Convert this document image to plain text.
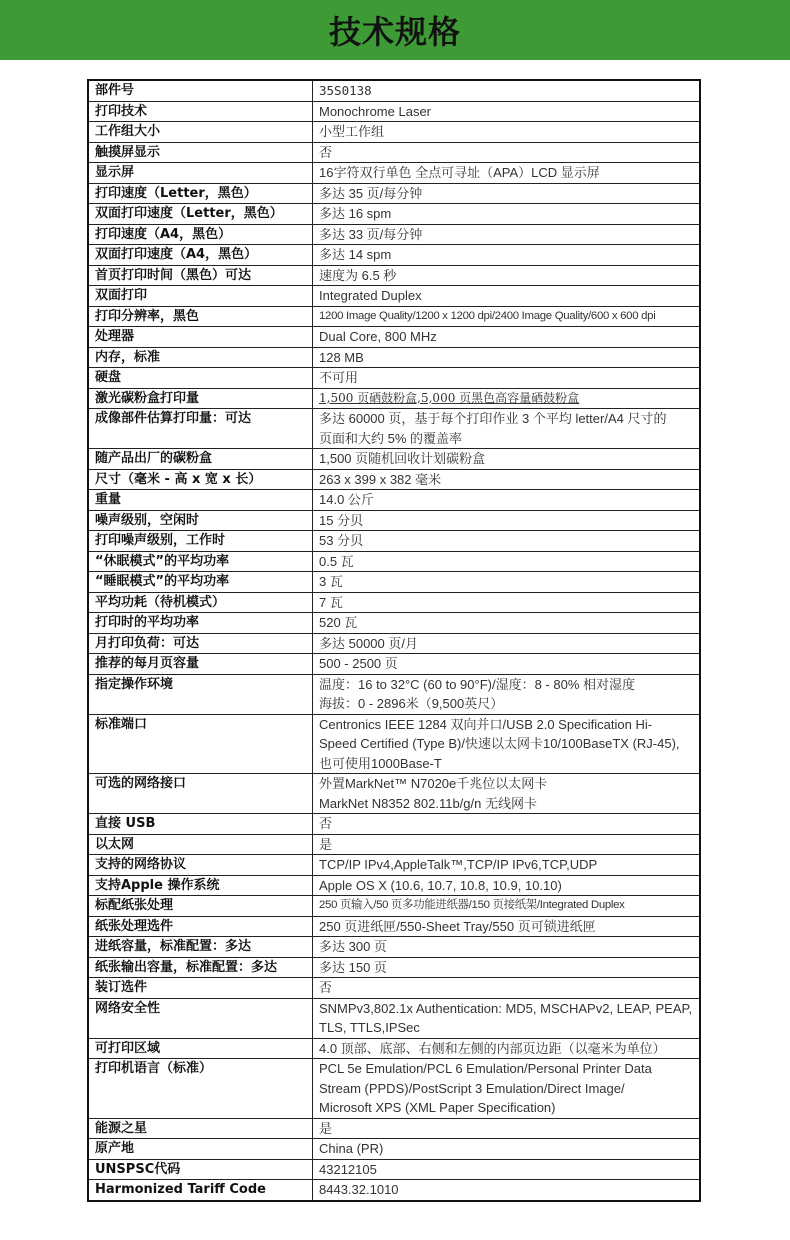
技术规格
部件号	35S0138

打印技术	Monochrome Laser

工作组大小	小型工作组

触摸屏显示	否

显示屏	16字符双行单色 全点可寻址（APA）LCD 显示屏

打印速度（Letter，黑色）	多达 35 页/每分钟

双面打印速度（Letter，黑色）	多达 16 spm

打印速度（A4，黑色）	多达 33 页/每分钟

双面打印速度（A4，黑色）	多达 14 spm

首页打印时间（黑色）可达	速度为 6.5 秒

双面打印	Integrated Duplex

打印分辨率，黑色	1200 Image Quality/1200 x 1200 dpi/2400 Image Quality/600 x 600 dpi

处理器	Dual Core, 800 MHz

内存，标准	128 MB

硬盘	不可用

激光碳粉盒打印量	1,500 页硒鼓粉盒,5,000 页黑色高容量硒鼓粉盒

成像部件估算打印量：可达	多达 60000 页，基于每个打印作业 3 个平均 letter/A4 尺寸的
页面和大约 5% 的覆盖率

随产品出厂的碳粉盒	1,500 页随机回收计划碳粉盒

尺寸（毫米 - 高 x 宽 x 长）	263 x 399 x 382 毫米

重量	14.0 公斤

噪声级别，空闲时	15 分贝

打印噪声级别，工作时	53 分贝

“休眠模式”的平均功率	0.5 瓦

“睡眠模式”的平均功率	3 瓦

平均功耗（待机模式）	7 瓦

打印时的平均功率	520 瓦

月打印负荷：可达	多达 50000 页/月

推荐的每月页容量	500 - 2500 页

指定操作环境	温度：16 to 32°C (60 to 90°F)/湿度：8 - 80% 相对湿度
海拔：0 - 2896米（9,500英尺）

标准端口	Centronics IEEE 1284 双向并口/USB 2.0 Specification Hi-
Speed Certified (Type B)/快速以太网卡10/100BaseTX (RJ-45),
也可使用1000Base-T

可选的网络接口	外置MarkNet™ N7020e千兆位以太网卡
MarkNet N8352 802.11b/g/n 无线网卡

直接 USB	否

以太网	是

支持的网络协议	TCP/IP IPv4,AppleTalk™,TCP/IP IPv6,TCP,UDP

支持Apple 操作系统	Apple OS X (10.6, 10.7, 10.8, 10.9, 10.10)

标配纸张处理	250 页输入/50 页多功能进纸器/150 页接纸架/Integrated Duplex

纸张处理选件	250 页进纸匣/550-Sheet Tray/550 页可锁进纸匣

进纸容量，标准配置：多达	多达 300 页

纸张输出容量，标准配置：多达	多达 150 页

装订选件	否

网络安全性	SNMPv3,802.1x Authentication: MD5, MSCHAPv2, LEAP, PEAP,
TLS, TTLS,IPSec

可打印区域	4.0 顶部、底部、右侧和左侧的内部页边距（以毫米为单位）

打印机语言（标准）	PCL 5e Emulation/PCL 6 Emulation/Personal Printer Data
Stream (PPDS)/PostScript 3 Emulation/Direct Image/
Microsoft XPS (XML Paper Specification)

能源之星	是

原产地	China (PR)

UNSPSC代码	43212105

Harmonized Tariff Code	8443.32.1010
